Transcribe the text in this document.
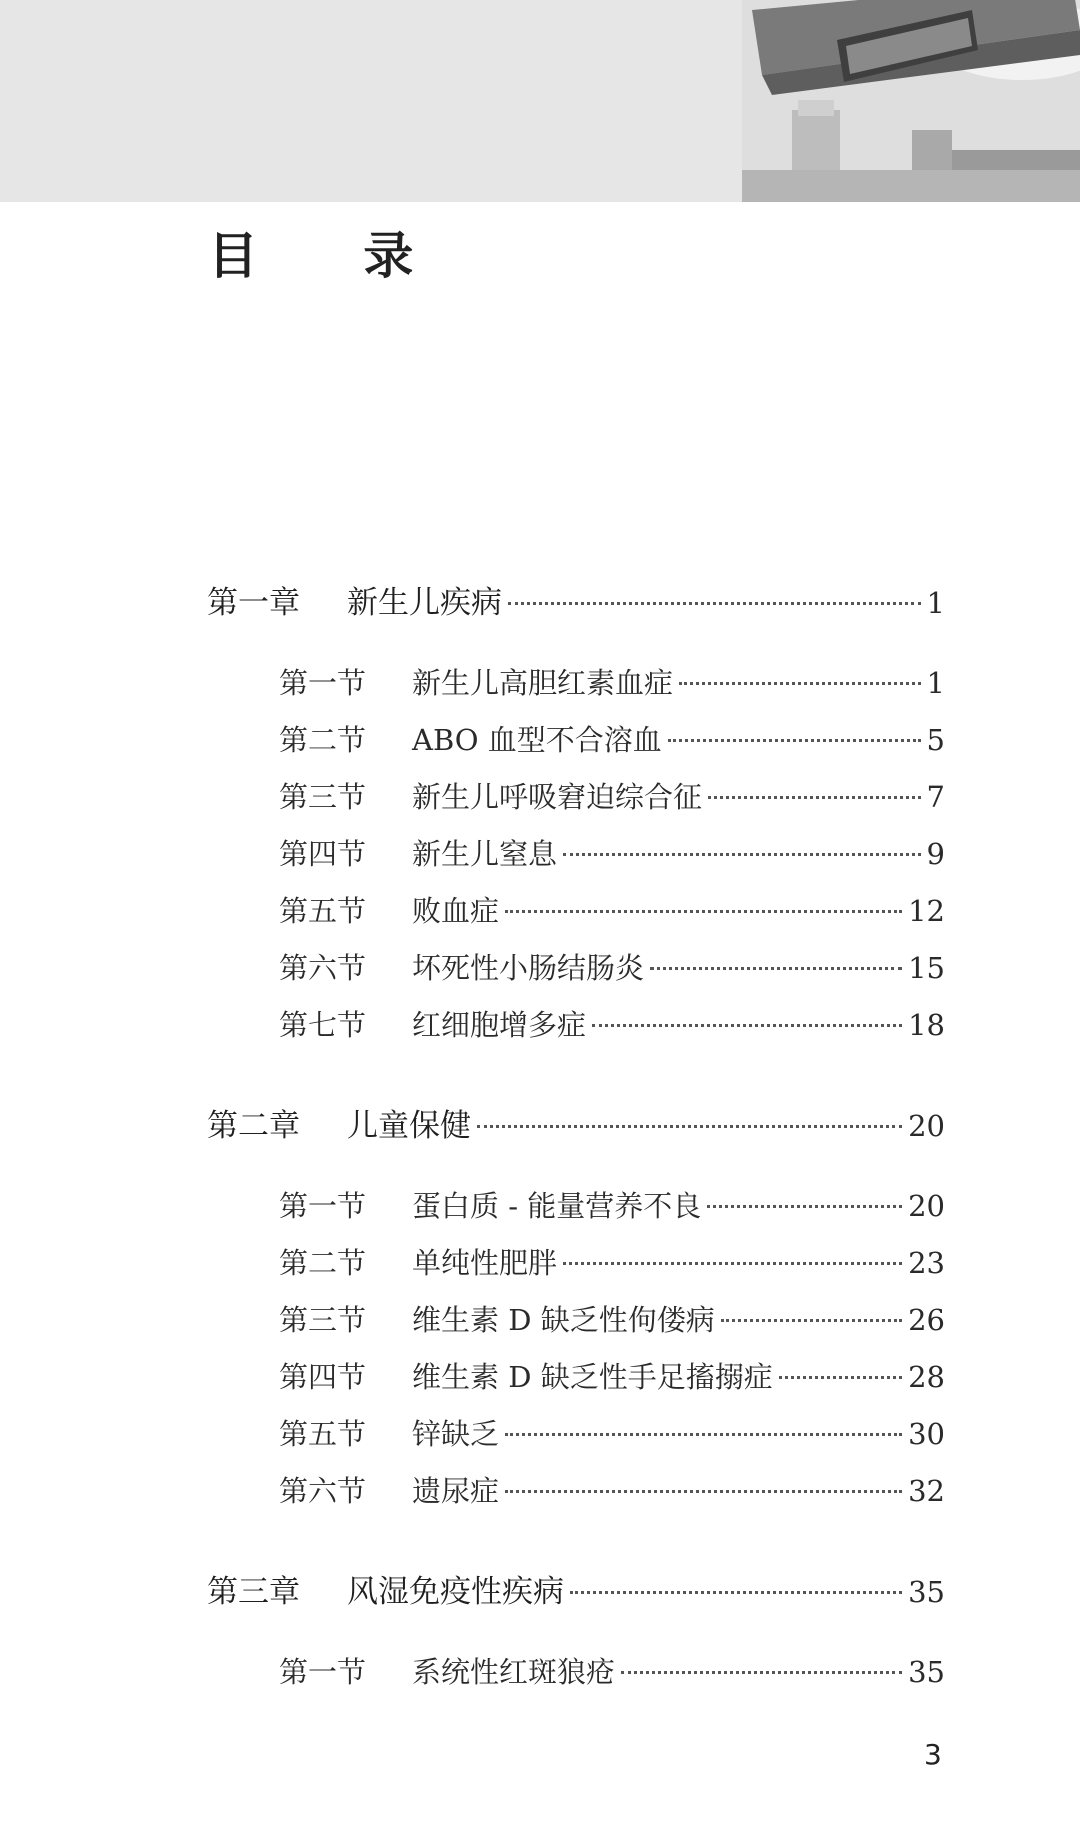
目 录
第一章	新生儿疾病	1
第一节	新生儿高胆红素血症	1
第二节	ABO 血型不合溶血	5
第三节	新生儿呼吸窘迫综合征	7
第四节	新生儿窒息	9
第五节	败血症	12
第六节	坏死性小肠结肠炎	15
第七节	红细胞增多症	18
第二章	儿童保健	20
第一节	蛋白质 - 能量营养不良	20
第二节	单纯性肥胖	23
第三节	维生素 D 缺乏性佝偻病	26
第四节	维生素 D 缺乏性手足搐搦症	28
第五节	锌缺乏	30
第六节	遗尿症	32
第三章	风湿免疫性疾病	35
第一节	系统性红斑狼疮	35
3
